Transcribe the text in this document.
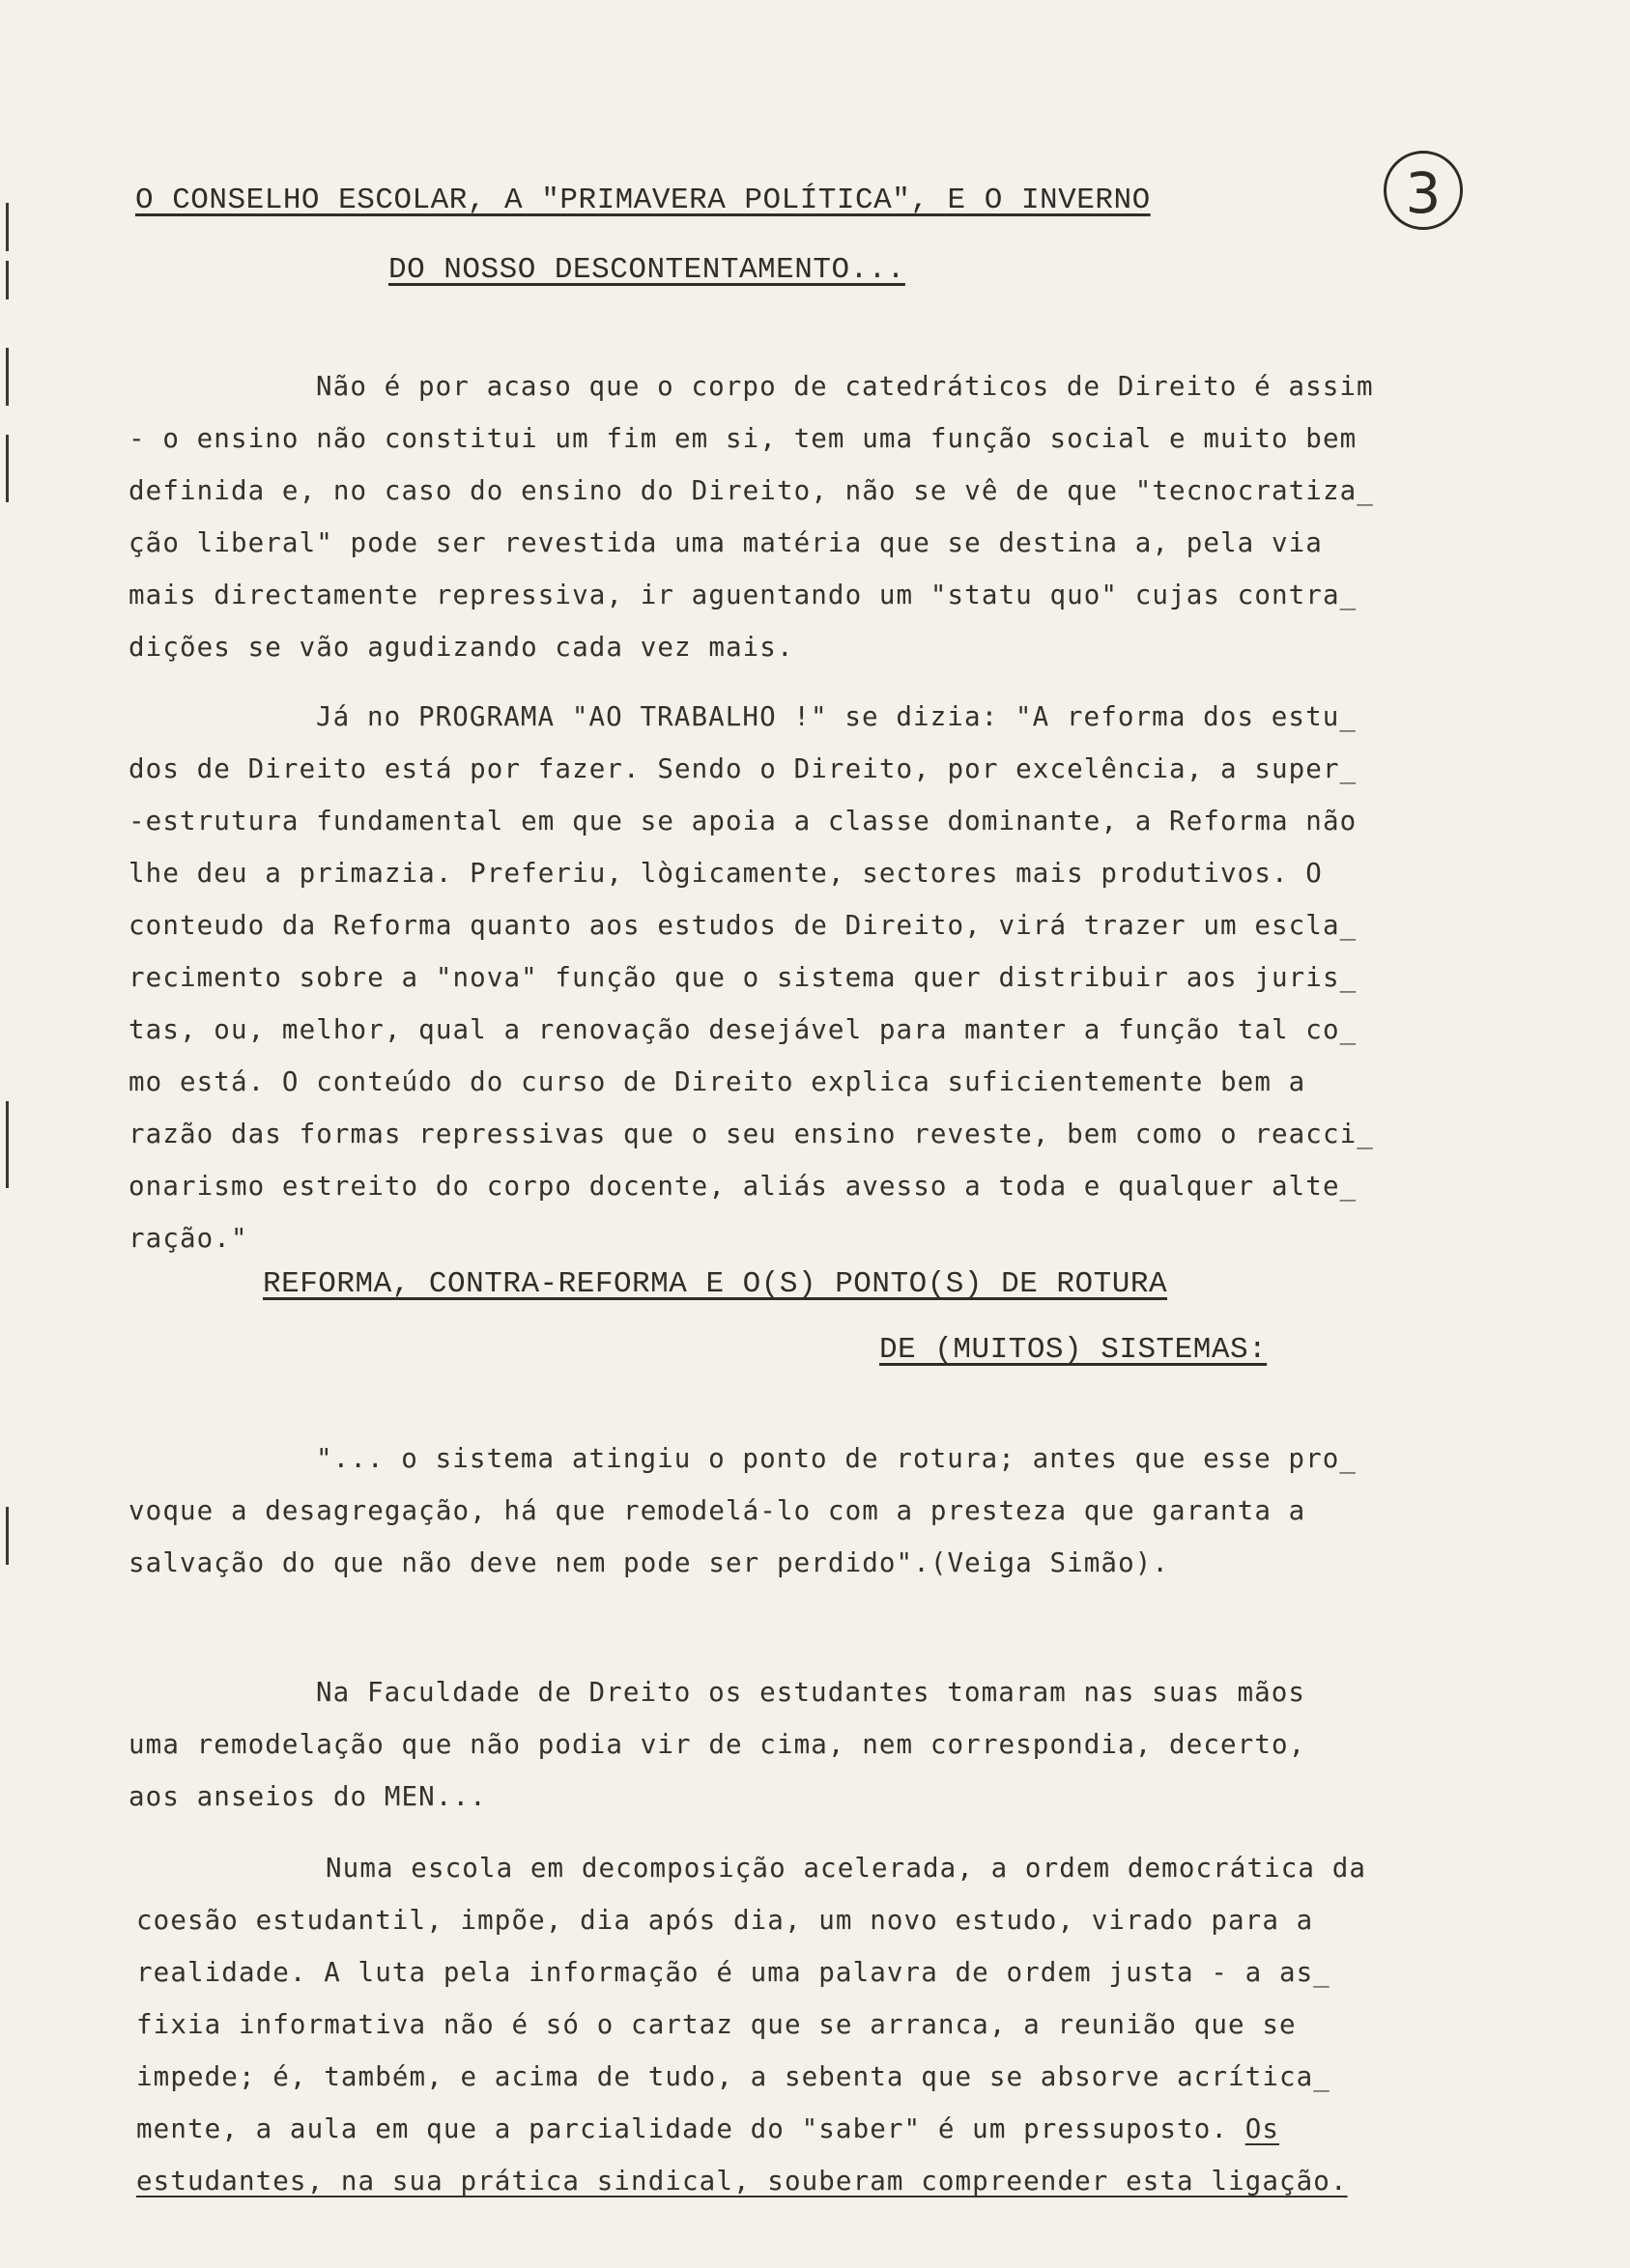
3
O CONSELHO ESCOLAR, A "PRIMAVERA POLÍTICA", E O INVERNO
DO NOSSO DESCONTENTAMENTO...
Não é por acaso que o corpo de catedráticos de Direito é assim
- o ensino não constitui um fim em si, tem uma função social e muito bem
definida e, no caso do ensino do Direito, não se vê de que "tecnocratiza_
ção liberal" pode ser revestida uma matéria que se destina a, pela via
mais directamente repressiva, ir aguentando um "statu quo" cujas contra_
dições se vão agudizando cada vez mais.
Já no PROGRAMA "AO TRABALHO !" se dizia: "A reforma dos estu_
dos de Direito está por fazer. Sendo o Direito, por excelência, a super_
-estrutura fundamental em que se apoia a classe dominante, a Reforma não
lhe deu a primazia. Preferiu, lògicamente, sectores mais produtivos. O
conteudo da Reforma quanto aos estudos de Direito, virá trazer um escla_
recimento sobre a "nova" função que o sistema quer distribuir aos juris_
tas, ou, melhor, qual a renovação desejável para manter a função tal co_
mo está. O conteúdo do curso de Direito explica suficientemente bem a
razão das formas repressivas que o seu ensino reveste, bem como o reacci_
onarismo estreito do corpo docente, aliás avesso a toda e qualquer alte_
ração."
REFORMA, CONTRA-REFORMA E O(S) PONTO(S) DE ROTURA
DE (MUITOS) SISTEMAS:
"... o sistema atingiu o ponto de rotura; antes que esse pro_
voque a desagregação, há que remodelá-lo com a presteza que garanta a
salvação do que não deve nem pode ser perdido".(Veiga Simão).
Na Faculdade de Dreito os estudantes tomaram nas suas mãos
uma remodelação que não podia vir de cima, nem correspondia, decerto,
aos anseios do MEN...
Numa escola em decomposição acelerada, a ordem democrática da
coesão estudantil, impõe, dia após dia, um novo estudo, virado para a
realidade. A luta pela informação é uma palavra de ordem justa - a as_
fixia informativa não é só o cartaz que se arranca, a reunião que se
impede; é, também, e acima de tudo, a sebenta que se absorve acrítica_
mente, a aula em que a parcialidade do "saber" é um pressuposto. Os
estudantes, na sua prática sindical, souberam compreender esta ligação.
